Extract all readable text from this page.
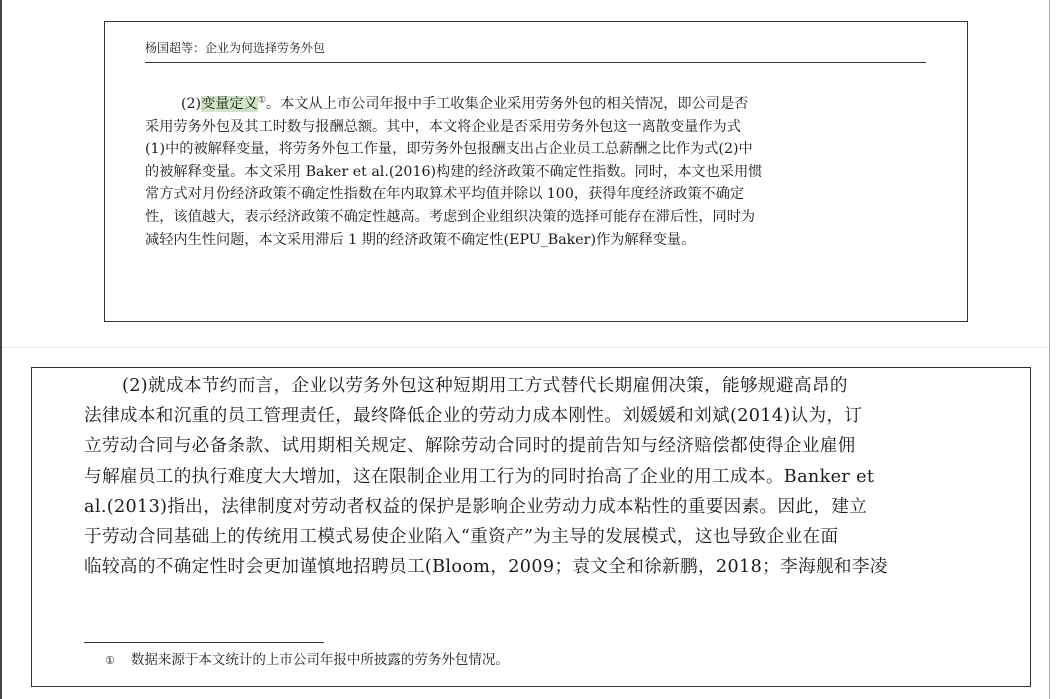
杨国超等：企业为何选择劳务外包
(2)变量定义①。本文从上市公司年报中手工收集企业采用劳务外包的相关情况，即公司是否
采用劳务外包及其工时数与报酬总额。其中，本文将企业是否采用劳务外包这一离散变量作为式
(1)中的被解释变量，将劳务外包工作量，即劳务外包报酬支出占企业员工总薪酬之比作为式(2)中
的被解释变量。本文采用 Baker et al.(2016)构建的经济政策不确定性指数。同时，本文也采用惯
常方式对月份经济政策不确定性指数在年内取算术平均值并除以 100，获得年度经济政策不确定
性，该值越大，表示经济政策不确定性越高。考虑到企业组织决策的选择可能存在滞后性，同时为
减轻内生性问题，本文采用滞后 1 期的经济政策不确定性(EPU_Baker)作为解释变量。
(2)就成本节约而言，企业以劳务外包这种短期用工方式替代长期雇佣决策，能够规避高昂的
法律成本和沉重的员工管理责任，最终降低企业的劳动力成本刚性。刘媛媛和刘斌(2014)认为，订
立劳动合同与必备条款、试用期相关规定、解除劳动合同时的提前告知与经济赔偿都使得企业雇佣
与解雇员工的执行难度大大增加，这在限制企业用工行为的同时抬高了企业的用工成本。Banker et
al.(2013)指出，法律制度对劳动者权益的保护是影响企业劳动力成本粘性的重要因素。因此，建立
于劳动合同基础上的传统用工模式易使企业陷入“重资产”为主导的发展模式，这也导致企业在面
临较高的不确定性时会更加谨慎地招聘员工(Bloom，2009；袁文全和徐新鹏，2018；李海舰和李凌
① 数据来源于本文统计的上市公司年报中所披露的劳务外包情况。
